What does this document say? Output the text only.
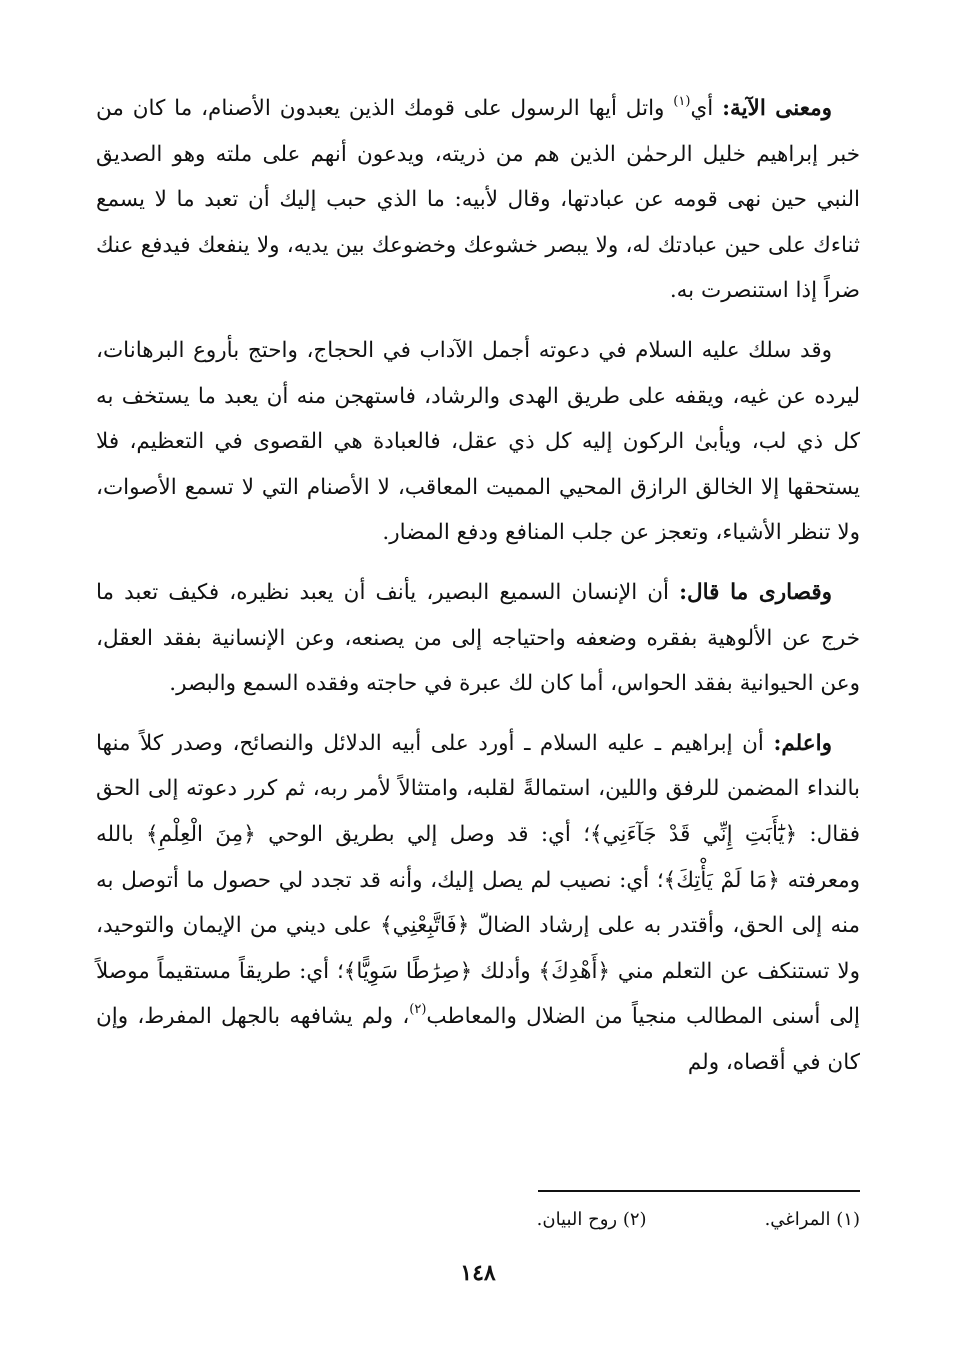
ومعنى الآية: أي$^{(١)}$ واتل أيها الرسول على قومك الذين يعبدون الأصنام، ما كان من خبر إبراهيم خليل الرحمٰن الذين هم من ذريته، ويدعون أنهم على ملته وهو الصديق النبي حين نهى قومه عن عبادتها، وقال لأبيه: ما الذي حبب إليك أن تعبد ما لا يسمع ثناءك على حين عبادتك له، ولا يبصر خشوعك وخضوعك بين يديه، ولا ينفعك فيدفع عنك ضراً إذا استنصرت به.

وقد سلك عليه السلام في دعوته أجمل الآداب في الحجاج، واحتج بأروع البرهانات، ليرده عن غيه، ويقفه على طريق الهدى والرشاد، فاستهجن منه أن يعبد ما يستخف به كل ذي لب، ويأبىٰ الركون إليه كل ذي عقل، فالعبادة هي القصوى في التعظيم، فلا يستحقها إلا الخالق الرازق المحيي المميت المعاقب، لا الأصنام التي لا تسمع الأصوات، ولا تنظر الأشياء، وتعجز عن جلب المنافع ودفع المضار.

وقصارى ما قال: أن الإنسان السميع البصير، يأنف أن يعبد نظيره، فكيف تعبد ما خرج عن الألوهية بفقره وضعفه واحتياجه إلى من يصنعه، وعن الإنسانية بفقد العقل، وعن الحيوانية بفقد الحواس، أما كان لك عبرة في حاجته وفقده السمع والبصر.

واعلم: أن إبراهيم ـ عليه السلام ـ أورد على أبيه الدلائل والنصائح، وصدر كلاً منها بالنداء المضمن للرفق واللين، استمالةً لقلبه، وامتثالاً لأمر ربه، ثم كرر دعوته إلى الحق فقال: ﴿يَٰٓأَبَتِ إِنِّي قَدْ جَآءَنِي﴾؛ أي: قد وصل إلي بطريق الوحي ﴿مِنَ الْعِلْمِ﴾ بالله ومعرفته ﴿مَا لَمْ يَأْتِكَ﴾؛ أي: نصيب لم يصل إليك، وأنه قد تجدد لي حصول ما أتوصل به منه إلى الحق، وأقتدر به على إرشاد الضالّ ﴿فَاتَّبِعْنِي﴾ على ديني من الإيمان والتوحيد، ولا تستنكف عن التعلم مني ﴿أَهْدِكَ﴾ وأدلك ﴿صِرَٰطًا سَوِيًّا﴾؛ أي: طريقاً مستقيماً موصلاً إلى أسنى المطالب منجياً من الضلال والمعاطب$^{(٢)}$، ولم يشافهه بالجهل المفرط، وإن كان في أقصاه، ولم

(١) المراغي.
(٢) روح البيان.
١٤٨
